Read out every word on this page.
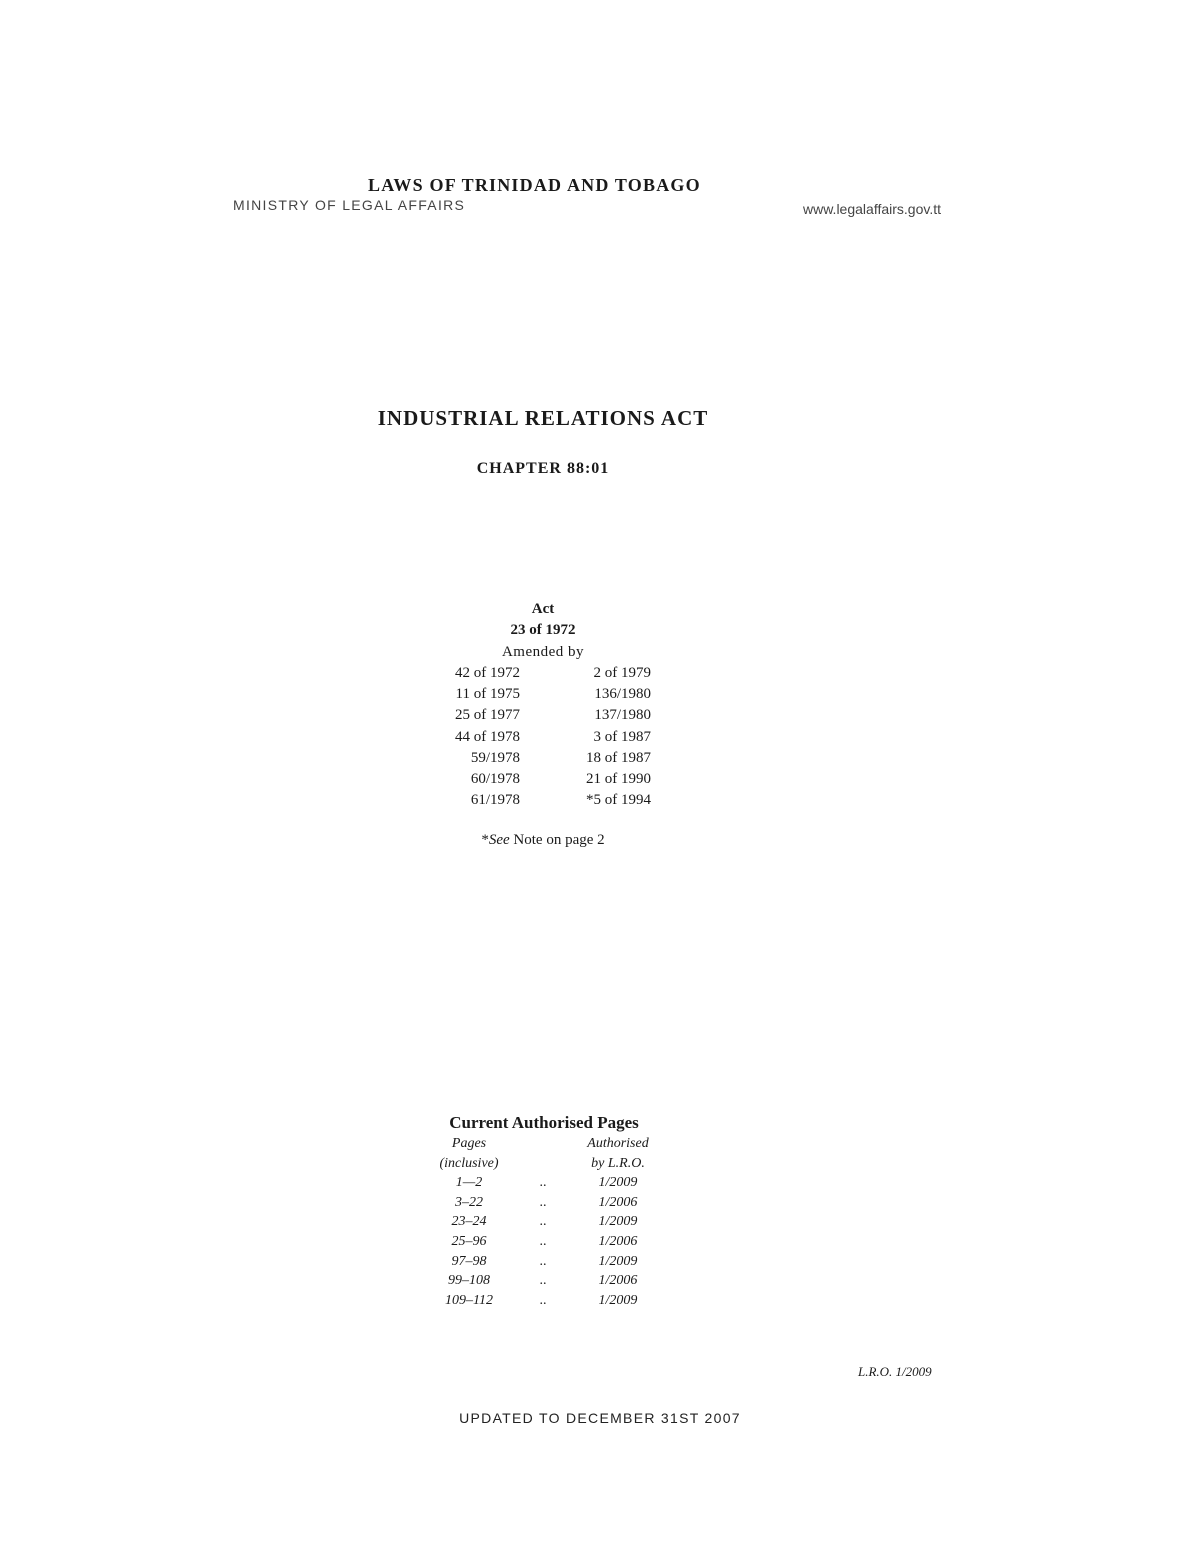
LAWS OF TRINIDAD AND TOBAGO
MINISTRY OF LEGAL AFFAIRS	www.legalaffairs.gov.tt
INDUSTRIAL RELATIONS ACT
CHAPTER 88:01
Act
23 of 1972
Amended by
42 of 1972	2 of 1979
11 of 1975	136/1980
25 of 1977	137/1980
44 of 1978	3 of 1987
59/1978	18 of 1987
60/1978	21 of 1990
61/1978	*5 of 1994
*See Note on page 2
Current Authorised Pages
Pages	Authorised
(inclusive)	by L.R.O.
1—2	..	1/2009
3–22	..	1/2006
23–24	..	1/2009
25–96	..	1/2006
97–98	..	1/2009
99–108	..	1/2006
109–112	..	1/2009
L.R.O. 1/2009
UPDATED TO DECEMBER 31ST 2007
